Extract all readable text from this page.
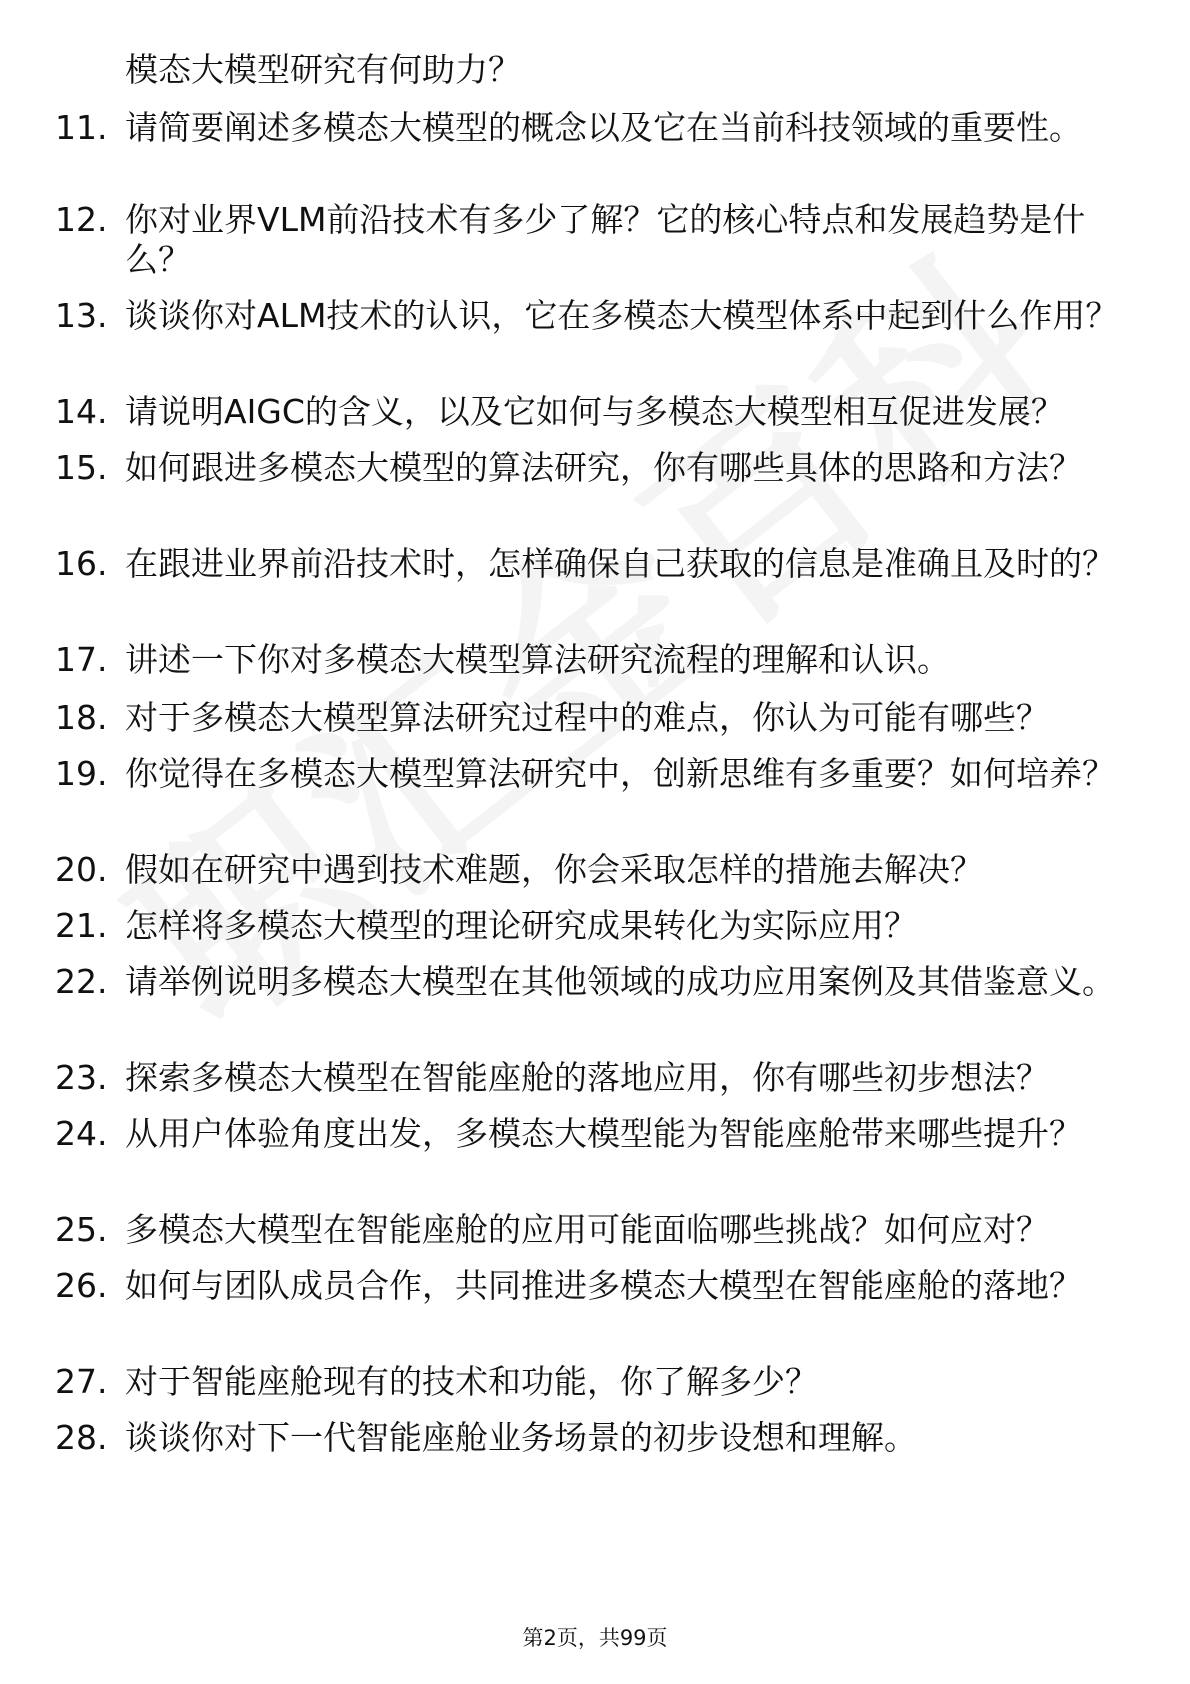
模态大模型研究有何助力？
11. 请简要阐述多模态大模型的概念以及它在当前科技领域的重要性。
12. 你对业界VLM前沿技术有多少了解？它的核心特点和发展趋势是什么？
13. 谈谈你对ALM技术的认识，它在多模态大模型体系中起到什么作用？
14. 请说明AIGC的含义，以及它如何与多模态大模型相互促进发展？
15. 如何跟进多模态大模型的算法研究，你有哪些具体的思路和方法？
16. 在跟进业界前沿技术时，怎样确保自己获取的信息是准确且及时的？
17. 讲述一下你对多模态大模型算法研究流程的理解和认识。
18. 对于多模态大模型算法研究过程中的难点，你认为可能有哪些？
19. 你觉得在多模态大模型算法研究中，创新思维有多重要？如何培养？
20. 假如在研究中遇到技术难题，你会采取怎样的措施去解决？
21. 怎样将多模态大模型的理论研究成果转化为实际应用？
22. 请举例说明多模态大模型在其他领域的成功应用案例及其借鉴意义。
23. 探索多模态大模型在智能座舱的落地应用，你有哪些初步想法？
24. 从用户体验角度出发，多模态大模型能为智能座舱带来哪些提升？
25. 多模态大模型在智能座舱的应用可能面临哪些挑战？如何应对？
26. 如何与团队成员合作，共同推进多模态大模型在智能座舱的落地？
27. 对于智能座舱现有的技术和功能，你了解多少？
28. 谈谈你对下一代智能座舱业务场景的初步设想和理解。
第2页，共99页
